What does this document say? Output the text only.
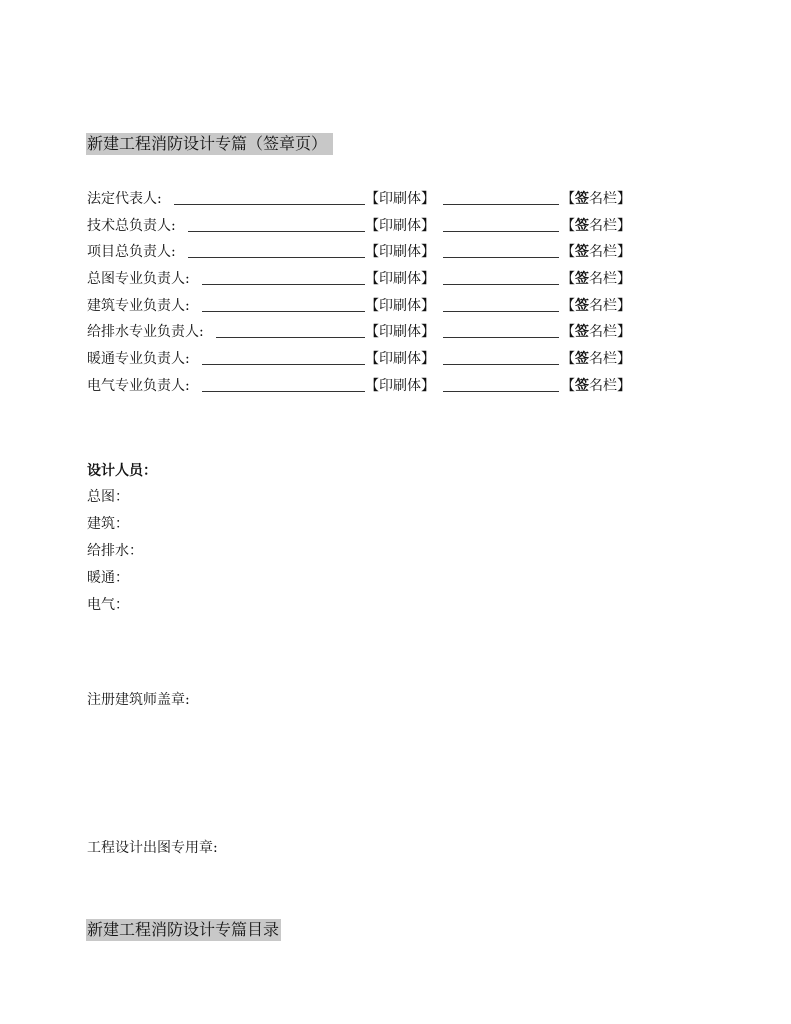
新建工程消防设计专篇（签章页）
法定代表人:	【印刷体】	【签名栏】
技术总负责人:	【印刷体】	【签名栏】
项目总负责人:	【印刷体】	【签名栏】
总图专业负责人:	【印刷体】	【签名栏】
建筑专业负责人:	【印刷体】	【签名栏】
给排水专业负责人:	【印刷体】	【签名栏】
暖通专业负责人:	【印刷体】	【签名栏】
电气专业负责人:	【印刷体】	【签名栏】
设计人员：
总图：
建筑：
给排水：
暖通：
电气：
注册建筑师盖章:
工程设计出图专用章:
新建工程消防设计专篇目录
